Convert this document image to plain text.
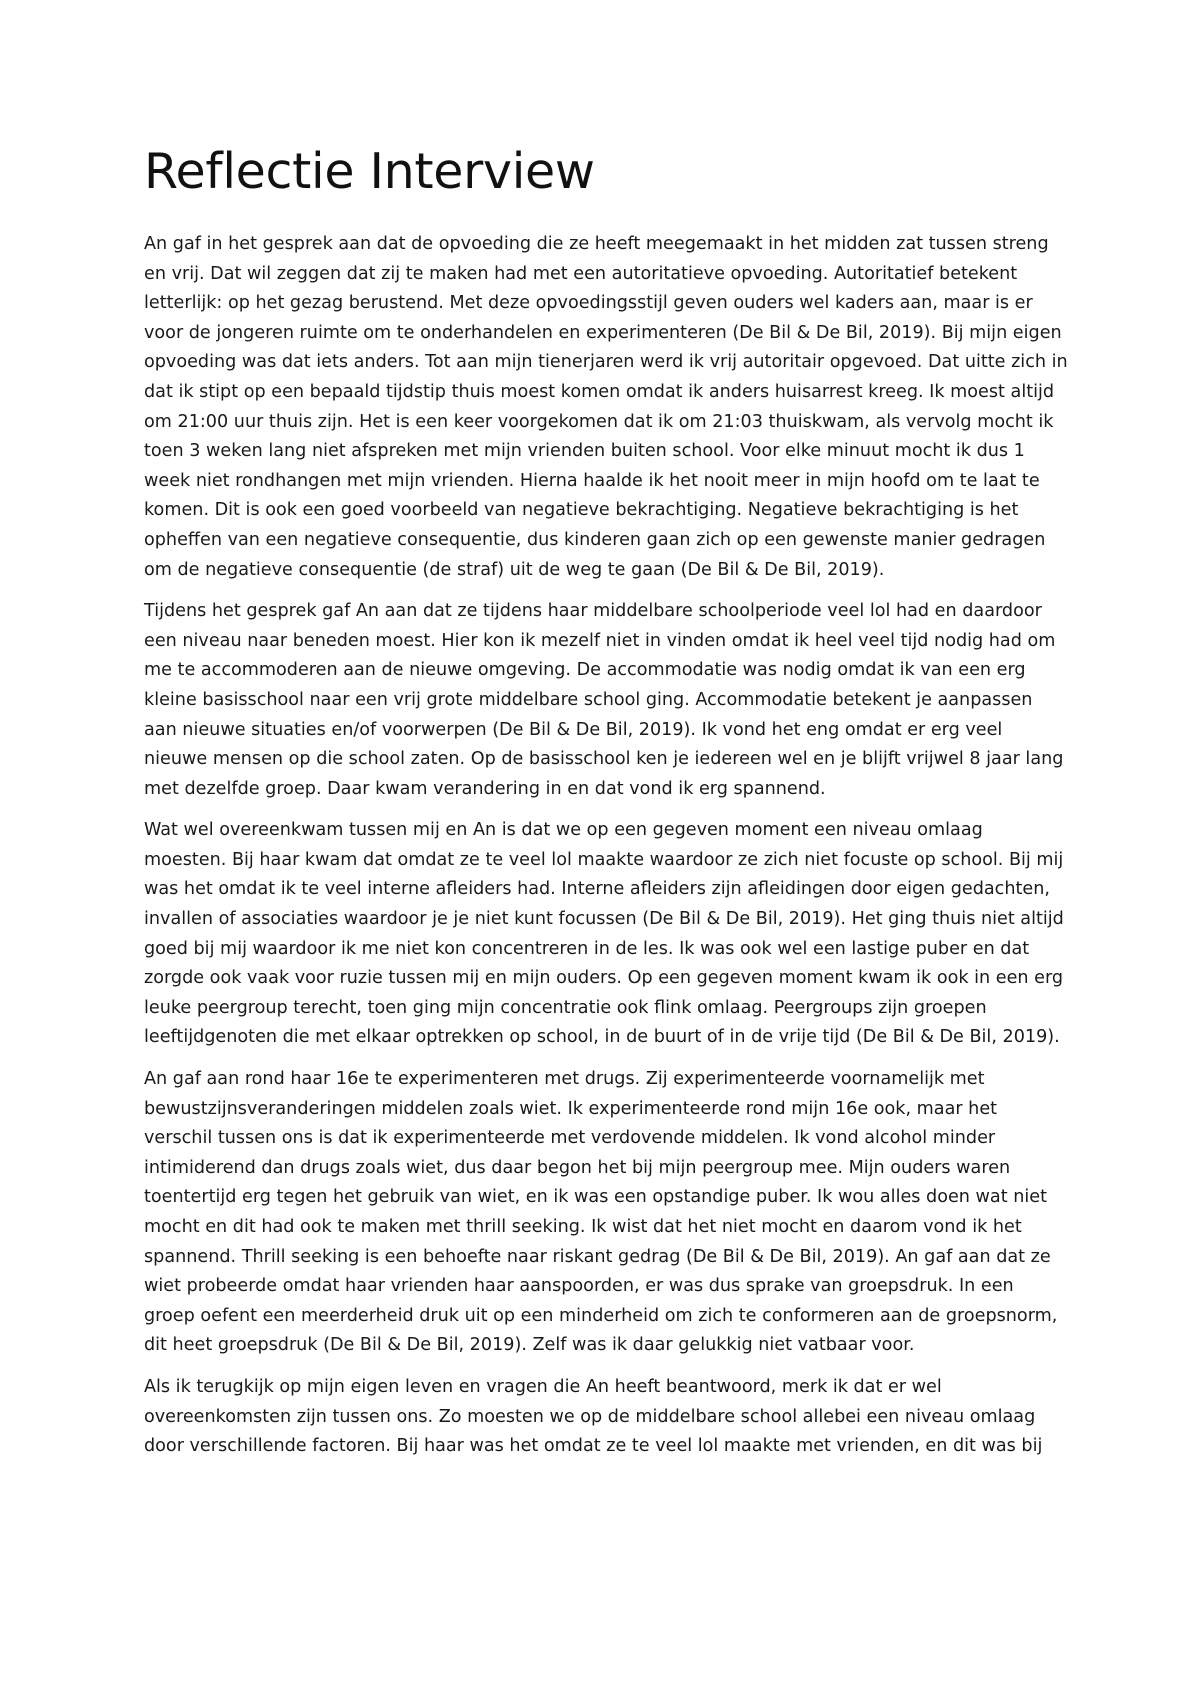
Reflectie Interview

An gaf in het gesprek aan dat de opvoeding die ze heeft meegemaakt in het midden zat tussen streng en vrij. Dat wil zeggen dat zij te maken had met een autoritatieve opvoeding. Autoritatief betekent letterlijk: op het gezag berustend. Met deze opvoedingsstijl geven ouders wel kaders aan, maar is er voor de jongeren ruimte om te onderhandelen en experimenteren (De Bil & De Bil, 2019). Bij mijn eigen opvoeding was dat iets anders. Tot aan mijn tienerjaren werd ik vrij autoritair opgevoed. Dat uitte zich in dat ik stipt op een bepaald tijdstip thuis moest komen omdat ik anders huisarrest kreeg. Ik moest altijd om 21:00 uur thuis zijn. Het is een keer voorgekomen dat ik om 21:03 thuiskwam, als vervolg mocht ik toen 3 weken lang niet afspreken met mijn vrienden buiten school. Voor elke minuut mocht ik dus 1 week niet rondhangen met mijn vrienden. Hierna haalde ik het nooit meer in mijn hoofd om te laat te komen. Dit is ook een goed voorbeeld van negatieve bekrachtiging. Negatieve bekrachtiging is het opheffen van een negatieve consequentie, dus kinderen gaan zich op een gewenste manier gedragen om de negatieve consequentie (de straf) uit de weg te gaan (De Bil & De Bil, 2019).

Tijdens het gesprek gaf An aan dat ze tijdens haar middelbare schoolperiode veel lol had en daardoor een niveau naar beneden moest. Hier kon ik mezelf niet in vinden omdat ik heel veel tijd nodig had om me te accommoderen aan de nieuwe omgeving. De accommodatie was nodig omdat ik van een erg kleine basisschool naar een vrij grote middelbare school ging. Accommodatie betekent je aanpassen aan nieuwe situaties en/of voorwerpen (De Bil & De Bil, 2019). Ik vond het eng omdat er erg veel nieuwe mensen op die school zaten. Op de basisschool ken je iedereen wel en je blijft vrijwel 8 jaar lang met dezelfde groep. Daar kwam verandering in en dat vond ik erg spannend.

Wat wel overeenkwam tussen mij en An is dat we op een gegeven moment een niveau omlaag moesten. Bij haar kwam dat omdat ze te veel lol maakte waardoor ze zich niet focuste op school. Bij mij was het omdat ik te veel interne afleiders had. Interne afleiders zijn afleidingen door eigen gedachten, invallen of associaties waardoor je je niet kunt focussen (De Bil & De Bil, 2019). Het ging thuis niet altijd goed bij mij waardoor ik me niet kon concentreren in de les. Ik was ook wel een lastige puber en dat zorgde ook vaak voor ruzie tussen mij en mijn ouders. Op een gegeven moment kwam ik ook in een erg leuke peergroup terecht, toen ging mijn concentratie ook flink omlaag. Peergroups zijn groepen leeftijdgenoten die met elkaar optrekken op school, in de buurt of in de vrije tijd (De Bil & De Bil, 2019).

An gaf aan rond haar 16e te experimenteren met drugs. Zij experimenteerde voornamelijk met bewustzijnsveranderingen middelen zoals wiet. Ik experimenteerde rond mijn 16e ook, maar het verschil tussen ons is dat ik experimenteerde met verdovende middelen. Ik vond alcohol minder intimiderend dan drugs zoals wiet, dus daar begon het bij mijn peergroup mee. Mijn ouders waren toentertijd erg tegen het gebruik van wiet, en ik was een opstandige puber. Ik wou alles doen wat niet mocht en dit had ook te maken met thrill seeking. Ik wist dat het niet mocht en daarom vond ik het spannend. Thrill seeking is een behoefte naar riskant gedrag (De Bil & De Bil, 2019). An gaf aan dat ze wiet probeerde omdat haar vrienden haar aanspoorden, er was dus sprake van groepsdruk. In een groep oefent een meerderheid druk uit op een minderheid om zich te conformeren aan de groepsnorm, dit heet groepsdruk (De Bil & De Bil, 2019). Zelf was ik daar gelukkig niet vatbaar voor.

Als ik terugkijk op mijn eigen leven en vragen die An heeft beantwoord, merk ik dat er wel overeenkomsten zijn tussen ons. Zo moesten we op de middelbare school allebei een niveau omlaag door verschillende factoren. Bij haar was het omdat ze te veel lol maakte met vrienden, en dit was bij
